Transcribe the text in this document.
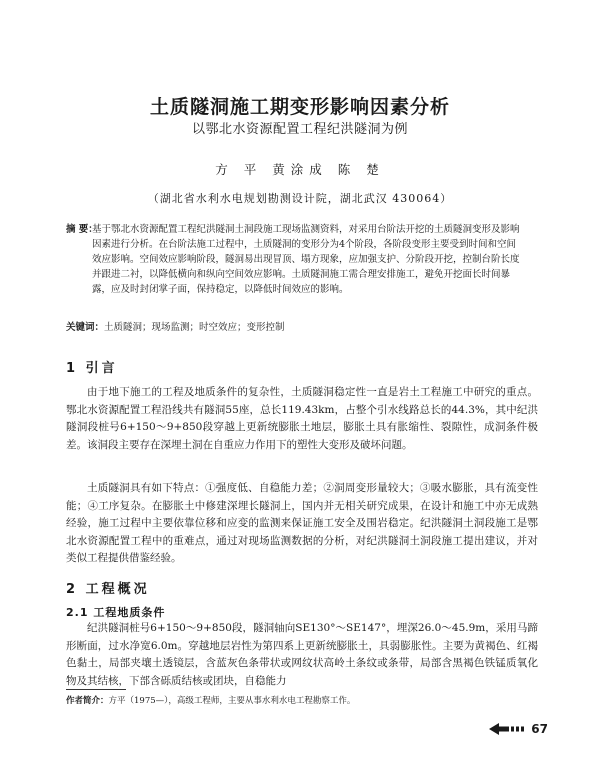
土质隧洞施工期变形影响因素分析
以鄂北水资源配置工程纪洪隧洞为例
方 平 黄涂成 陈 楚
（湖北省水利水电规划勘测设计院，湖北武汉 430064）
摘 要：
基于鄂北水资源配置工程纪洪隧洞土洞段施工现场监测资料，对采用台阶法开挖的土质隧洞变形及影响因素进行分析。在台阶法施工过程中，土质隧洞的变形分为4个阶段，各阶段变形主要受到时间和空间效应影响。空间效应影响阶段，隧洞易出现冒顶、塌方现象，应加强支护、分阶段开挖，控制台阶长度并跟进二衬，以降低横向和纵向空间效应影响。土质隧洞施工需合理安排施工，避免开挖面长时间暴露，应及时封闭掌子面，保持稳定，以降低时间效应的影响。
关键词：土质隧洞；现场监测；时空效应；变形控制
1 引言
由于地下施工的工程及地质条件的复杂性，土质隧洞稳定性一直是岩土工程施工中研究的重点。鄂北水资源配置工程沿线共有隧洞55座，总长119.43km，占整个引水线路总长的44.3%，其中纪洪隧洞段桩号6+150～9+850段穿越上更新统膨胀土地层，膨胀土具有胀缩性、裂隙性，成洞条件极差。该洞段主要存在深埋土洞在自重应力作用下的塑性大变形及破坏问题。
土质隧洞具有如下特点：①强度低、自稳能力差；②洞周变形量较大；③吸水膨胀，具有流变性能；④工序复杂。在膨胀土中修建深埋长隧洞上，国内并无相关研究成果，在设计和施工中亦无成熟经验，施工过程中主要依靠位移和应变的监测来保证施工安全及围岩稳定。纪洪隧洞土洞段施工是鄂北水资源配置工程中的重难点，通过对现场监测数据的分析，对纪洪隧洞土洞段施工提出建议，并对类似工程提供借鉴经验。
2 工程概况
2.1 工程地质条件
纪洪隧洞桩号6+150～9+850段，隧洞轴向SE130°～SE147°，埋深26.0～45.9m，采用马蹄形断面，过水净宽6.0m。穿越地层岩性为第四系上更新统膨胀土，具弱膨胀性。主要为黄褐色、红褐色黏土，局部夹壤土透镜层，含蓝灰色条带状或网纹状高岭土条纹或条带，局部含黑褐色铁锰质氧化物及其结核，下部含砾质结核或团块，自稳能力
作者简介：方平（1975—），高级工程师，主要从事水利水电工程勘察工作。
67
